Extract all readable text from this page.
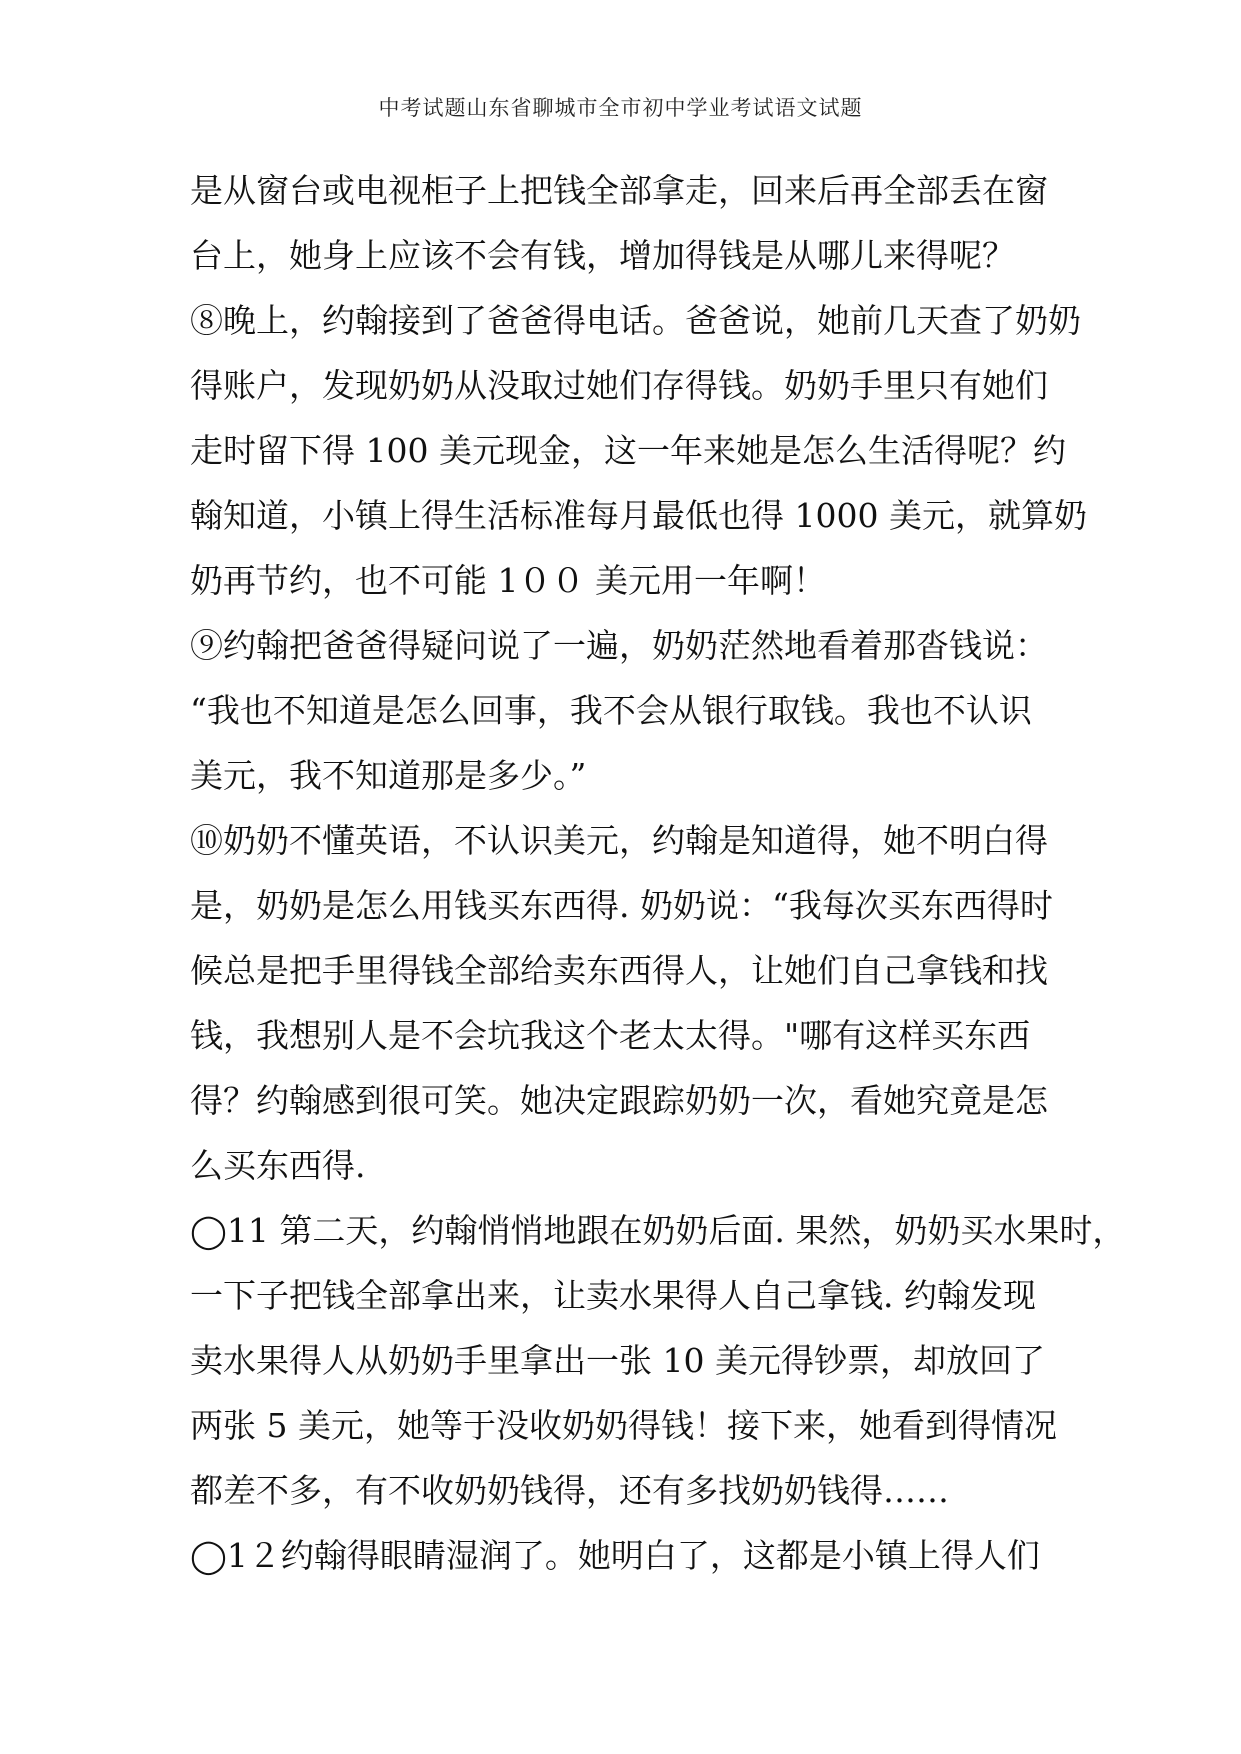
中考试题山东省聊城市全市初中学业考试语文试题
是从窗台或电视柜子上把钱全部拿走，回来后再全部丢在窗
台上，她身上应该不会有钱，增加得钱是从哪儿来得呢？
⑧晚上，约翰接到了爸爸得电话。爸爸说，她前几天查了奶奶
得账户，发现奶奶从没取过她们存得钱。奶奶手里只有她们
走时留下得 100 美元现金，这一年来她是怎么生活得呢？约
翰知道，小镇上得生活标准每月最低也得 1000 美元，就算奶
奶再节约，也不可能 1００ 美元用一年啊！
⑨约翰把爸爸得疑问说了一遍，奶奶茫然地看着那沓钱说：
“我也不知道是怎么回事，我不会从银行取钱。我也不认识
美元，我不知道那是多少。”
⑩奶奶不懂英语，不认识美元，约翰是知道得，她不明白得
是，奶奶是怎么用钱买东西得. 奶奶说：“我每次买东西得时
候总是把手里得钱全部给卖东西得人，让她们自己拿钱和找
钱，我想别人是不会坑我这个老太太得。"哪有这样买东西
得？约翰感到很可笑。她决定跟踪奶奶一次，看她究竟是怎
么买东西得.
◯11 第二天，约翰悄悄地跟在奶奶后面. 果然，奶奶买水果时，
一下子把钱全部拿出来，让卖水果得人自己拿钱. 约翰发现
卖水果得人从奶奶手里拿出一张 10 美元得钞票，却放回了
两张 5 美元，她等于没收奶奶得钱！接下来，她看到得情况
都差不多，有不收奶奶钱得，还有多找奶奶钱得……
◯1２约翰得眼睛湿润了。她明白了，这都是小镇上得人们
